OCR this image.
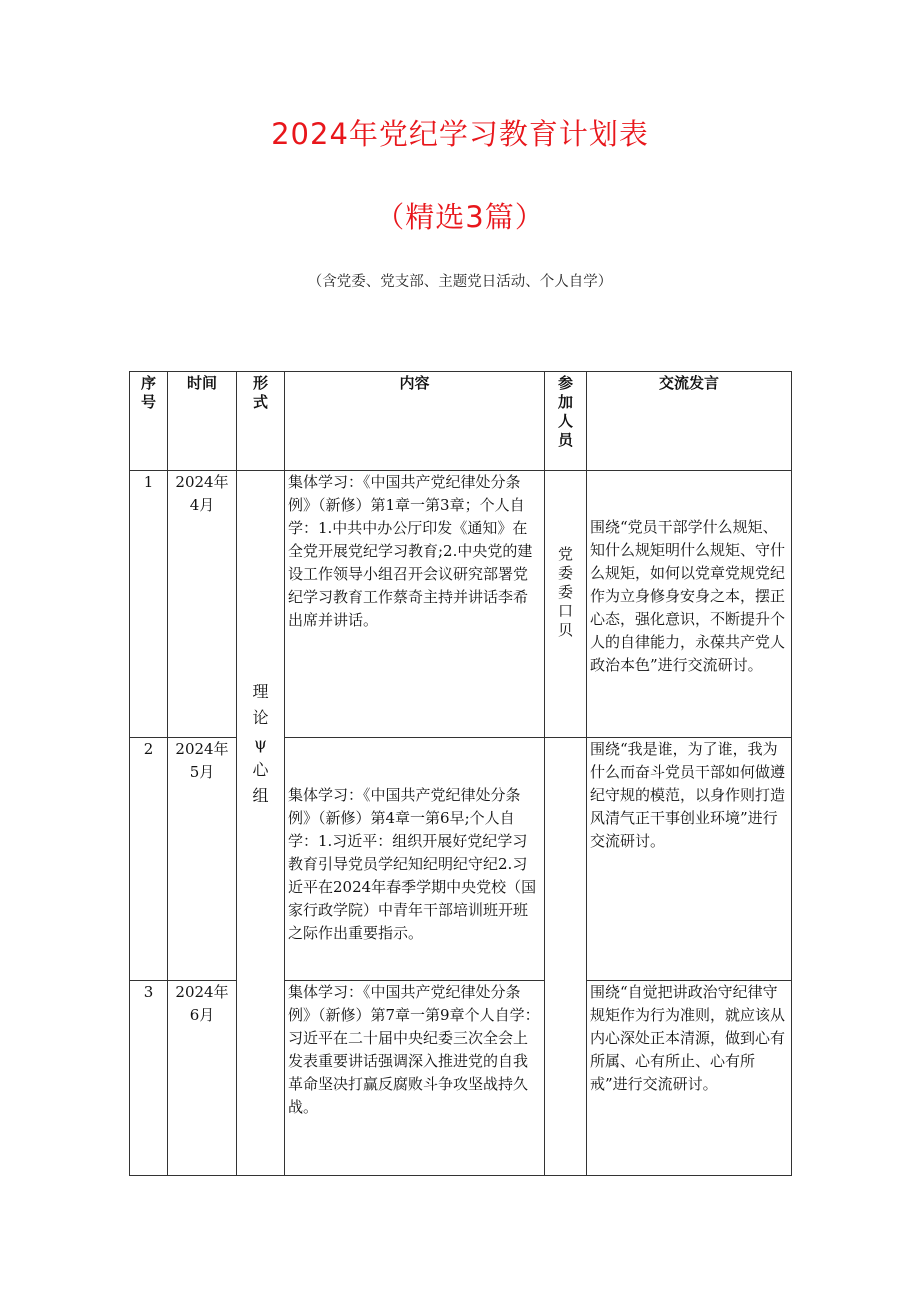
2024年党纪学习教育计划表
（精选3篇）
（含党委、党支部、主题党日活动、个人自学）
序号	时间	形式	内容	参加人员	交流发言
1	2024年4月	理论ψ心组	集体学习：《中国共产党纪律处分条例》（新修）第1章一第3章；个人自学：1.中共中办公厅印发《通知》在全党开展党纪学习教育;2.中央党的建设工作领导小组召开会议研究部署党纪学习教育工作蔡奇主持并讲话李希出席并讲话。	党委委口贝	围绕“党员干部学什么规矩、知什么规矩明什么规矩、守什么规矩，如何以党章党规党纪作为立身修身安身之本，摆正心态，强化意识，不断提升个人的自律能力，永葆共产党人政治本色”进行交流研讨。
2	2024年5月		集体学习：《中国共产党纪律处分条例》（新修）第4章一第6早;个人自学：1.习近平：组织开展好党纪学习教育引导党员学纪知纪明纪守纪2.习近平在2024年春季学期中央党校（国家行政学院）中青年干部培训班开班之际作出重要指示。		围绕“我是谁，为了谁，我为什么而奋斗党员干部如何做遵纪守规的模范，以身作则打造风清气正干事创业环境”进行交流研讨。
3	2024年6月		集体学习：《中国共产党纪律处分条例》（新修）第7章一第9章个人自学：习近平在二十届中央纪委三次全会上发表重要讲话强调深入推进党的自我革命坚决打赢反腐败斗争攻坚战持久战。		围绕“自觉把讲政治守纪律守规矩作为行为准则，就应该从内心深处正本清源，做到心有所属、心有所止、心有所戒”进行交流研讨。
